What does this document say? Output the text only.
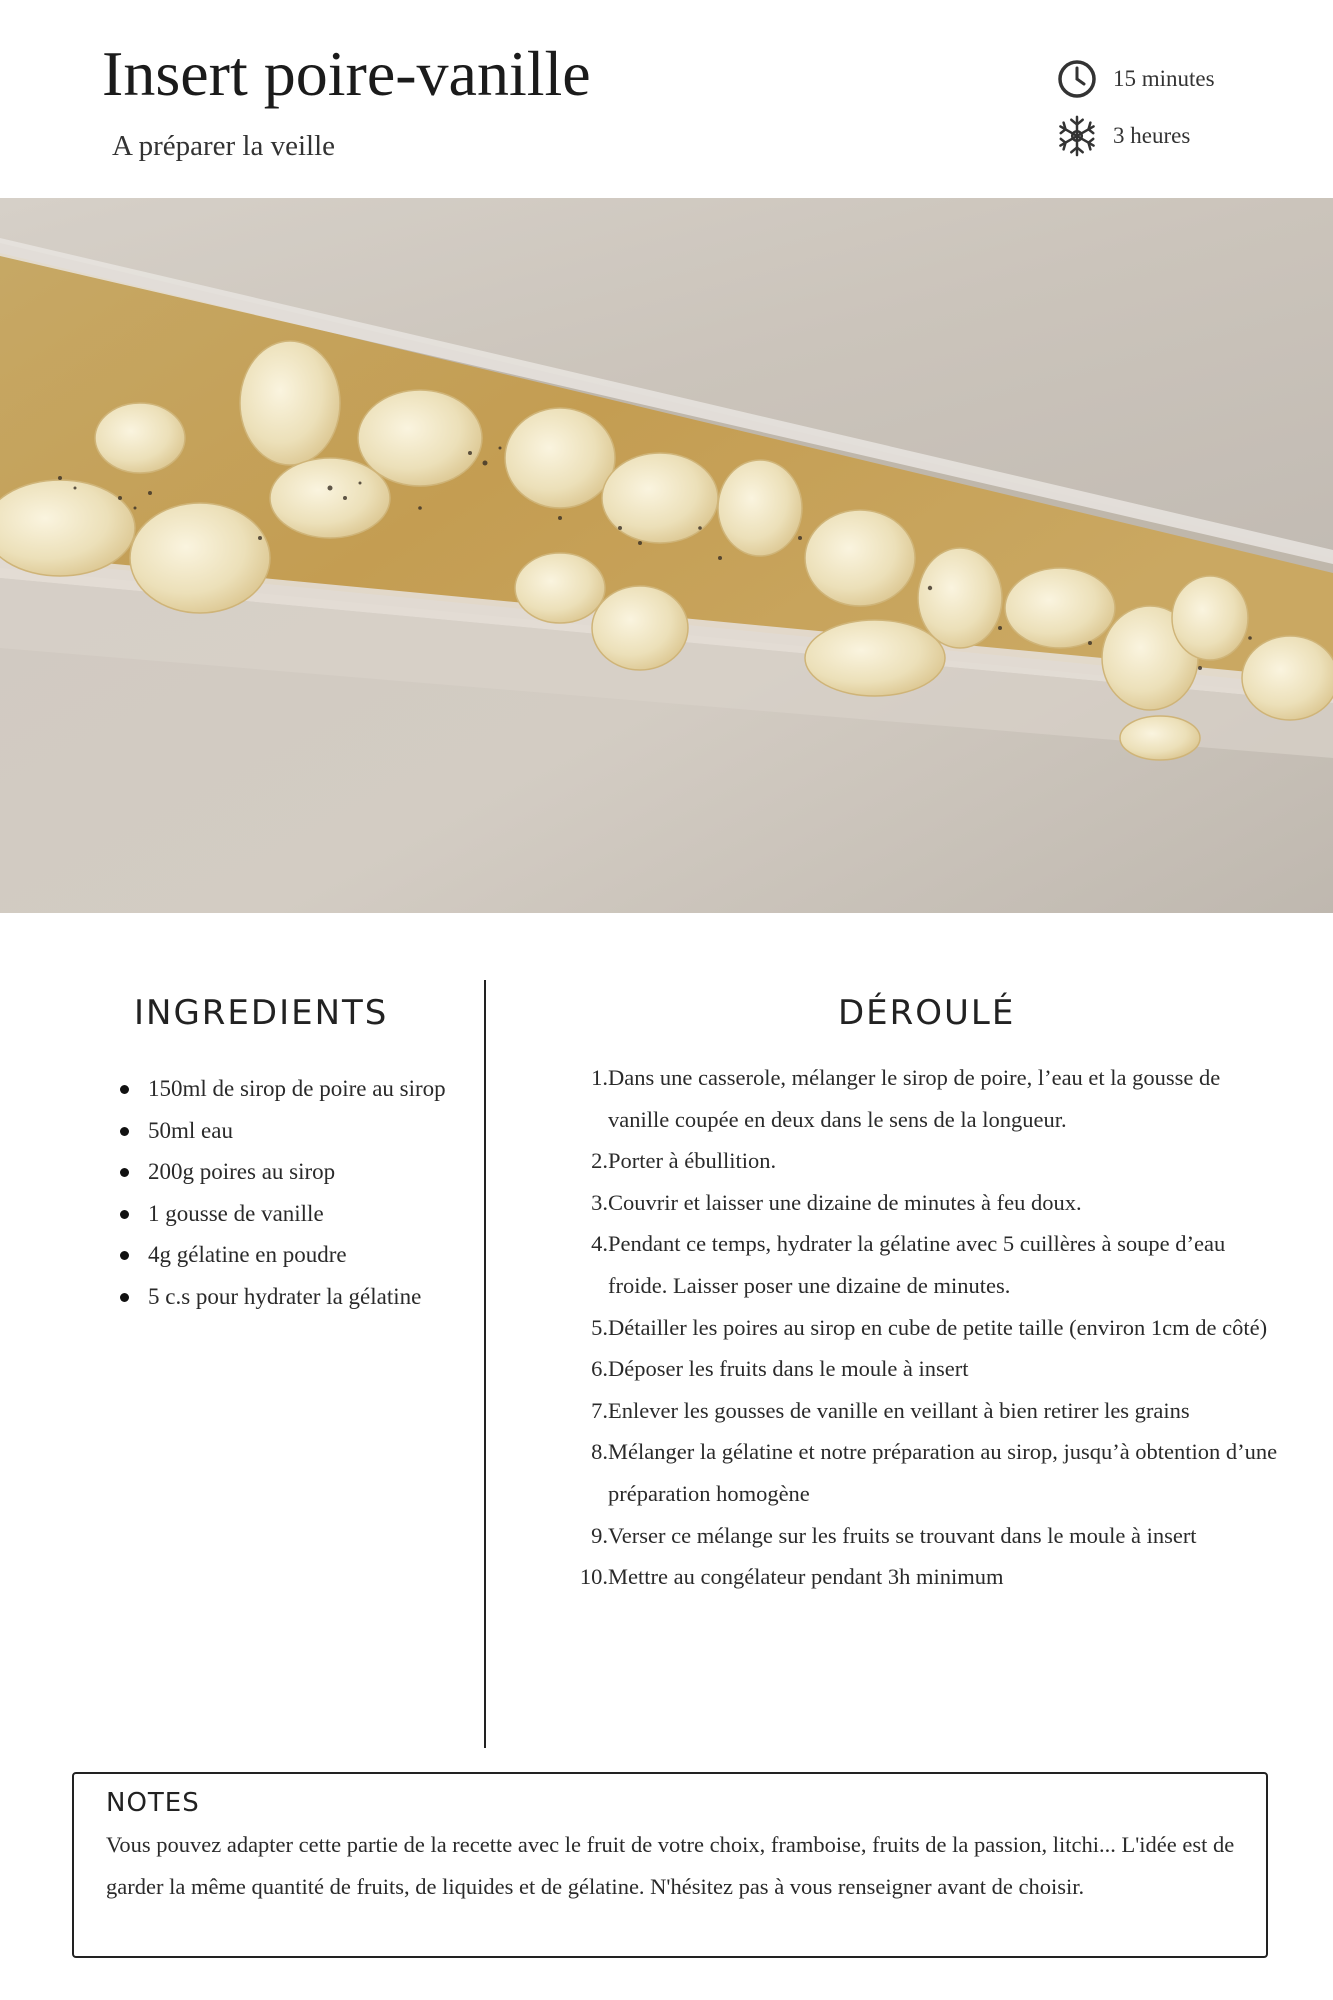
Insert poire-vanille
A préparer la veille
15 minutes
3 heures
INGREDIENTS	DÉROULÉ
150ml de sirop de poire au sirop
50ml eau
200g poires au sirop
1 gousse de vanille
4g gélatine en poudre
5 c.s pour hydrater la gélatine
1. Dans une casserole, mélanger le sirop de poire, l’eau et la gousse de vanille coupée en deux dans le sens de la longueur.
2. Porter à ébullition.
3. Couvrir et laisser une dizaine de minutes à feu doux.
4. Pendant ce temps, hydrater la gélatine avec 5 cuillères à soupe d’eau froide. Laisser poser une dizaine de minutes.
5. Détailler les poires au sirop en cube de petite taille (environ 1cm de côté)
6. Déposer les fruits dans le moule à insert
7. Enlever les gousses de vanille en veillant à bien retirer les grains
8. Mélanger la gélatine et notre préparation au sirop, jusqu’à obtention d’une préparation homogène
9. Verser ce mélange sur les fruits se trouvant dans le moule à insert
10. Mettre au congélateur pendant 3h minimum
NOTES
Vous pouvez adapter cette partie de la recette avec le fruit de votre choix, framboise, fruits de la passion, litchi... L'idée est de garder la même quantité de fruits, de liquides et de gélatine. N'hésitez pas à vous renseigner avant de choisir.
